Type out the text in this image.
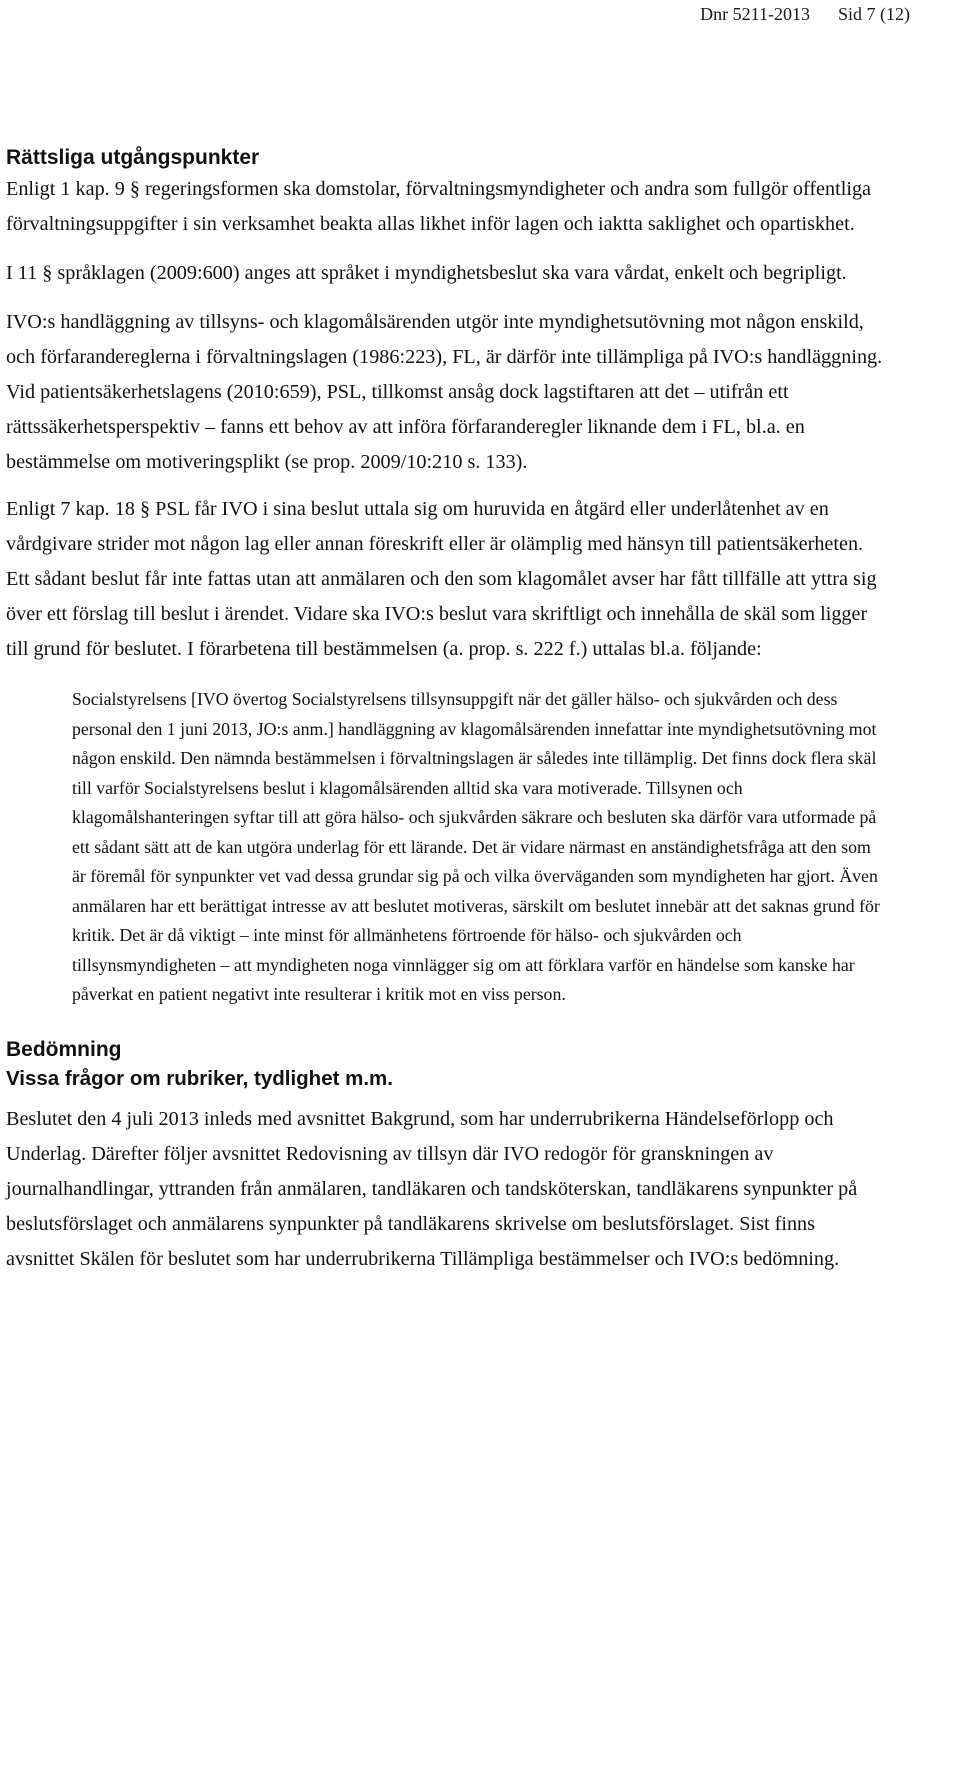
Dnr 5211-2013 Sid 7 (12)
Rättsliga utgångspunkter

Enligt 1 kap. 9 § regeringsformen ska domstolar, förvaltningsmyndigheter och andra som fullgör offentliga förvaltningsuppgifter i sin verksamhet beakta allas likhet inför lagen och iaktta saklighet och opartiskhet.

I 11 § språklagen (2009:600) anges att språket i myndighetsbeslut ska vara vårdat, enkelt och begripligt.

IVO:s handläggning av tillsyns- och klagomålsärenden utgör inte myndighetsutövning mot någon enskild, och förfarandereglerna i förvaltningslagen (1986:223), FL, är därför inte tillämpliga på IVO:s handläggning. Vid patientsäkerhetslagens (2010:659), PSL, tillkomst ansåg dock lagstiftaren att det – utifrån ett rättssäkerhetsperspektiv – fanns ett behov av att införa förfaranderegler liknande dem i FL, bl.a. en bestämmelse om motiveringsplikt (se prop. 2009/10:210 s. 133).

Enligt 7 kap. 18 § PSL får IVO i sina beslut uttala sig om huruvida en åtgärd eller underlåtenhet av en vårdgivare strider mot någon lag eller annan föreskrift eller är olämplig med hänsyn till patientsäkerheten. Ett sådant beslut får inte fattas utan att anmälaren och den som klagomålet avser har fått tillfälle att yttra sig över ett förslag till beslut i ärendet. Vidare ska IVO:s beslut vara skriftligt och innehålla de skäl som ligger till grund för beslutet. I förarbetena till bestämmelsen (a. prop. s. 222 f.) uttalas bl.a. följande:

Socialstyrelsens [IVO övertog Socialstyrelsens tillsynsuppgift när det gäller hälso- och sjukvården och dess personal den 1 juni 2013, JO:s anm.] handläggning av klagomålsärenden innefattar inte myndighetsutövning mot någon enskild. Den nämnda bestämmelsen i förvaltningslagen är således inte tillämplig. Det finns dock flera skäl till varför Socialstyrelsens beslut i klagomålsärenden alltid ska vara motiverade. Tillsynen och klagomålshanteringen syftar till att göra hälso- och sjukvården säkrare och besluten ska därför vara utformade på ett sådant sätt att de kan utgöra underlag för ett lärande. Det är vidare närmast en anständighetsfråga att den som är föremål för synpunkter vet vad dessa grundar sig på och vilka överväganden som myndigheten har gjort. Även anmälaren har ett berättigat intresse av att beslutet motiveras, särskilt om beslutet innebär att det saknas grund för kritik. Det är då viktigt – inte minst för allmänhetens förtroende för hälso- och sjukvården och tillsynsmyndigheten – att myndigheten noga vinnlägger sig om att förklara varför en händelse som kanske har påverkat en patient negativt inte resulterar i kritik mot en viss person.

Bedömning
Vissa frågor om rubriker, tydlighet m.m.

Beslutet den 4 juli 2013 inleds med avsnittet Bakgrund, som har underrubrikerna Händelseförlopp och Underlag. Därefter följer avsnittet Redovisning av tillsyn där IVO redogör för granskningen av journalhandlingar, yttranden från anmälaren, tandläkaren och tandsköterskan, tandläkarens synpunkter på beslutsförslaget och anmälarens synpunkter på tandläkarens skrivelse om beslutsförslaget. Sist finns avsnittet Skälen för beslutet som har underrubrikerna Tillämpliga bestämmelser och IVO:s bedömning.
